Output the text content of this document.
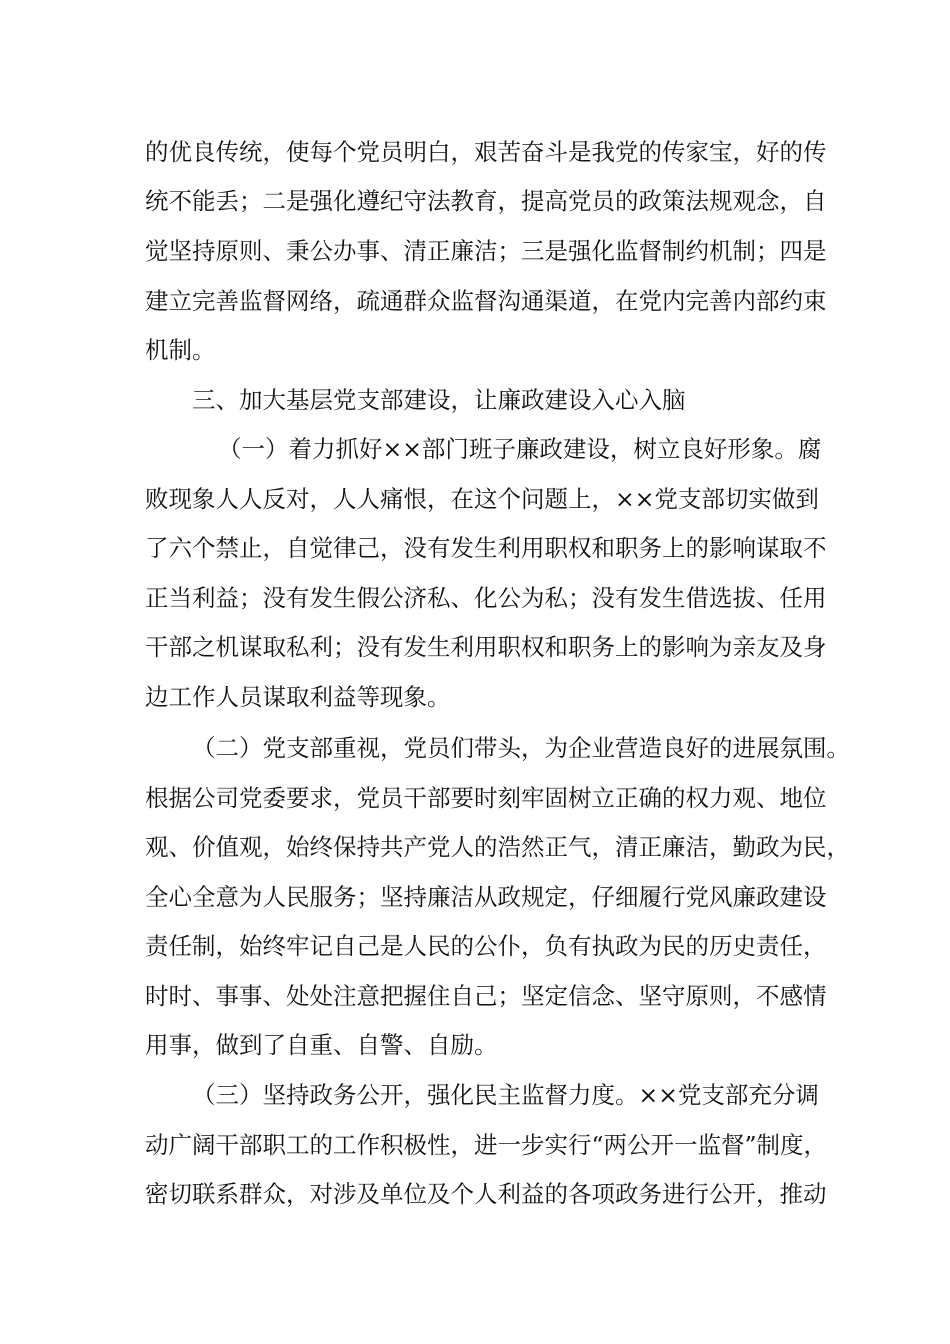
的优良传统，使每个党员明白，艰苦奋斗是我党的传家宝，好的传
统不能丢；二是强化遵纪守法教育，提高党员的政策法规观念，自
觉坚持原则、秉公办事、清正廉洁；三是强化监督制约机制；四是
建立完善监督网络，疏通群众监督沟通渠道，在党内完善内部约束
机制。
三、加大基层党支部建设，让廉政建设入心入脑
（一）着力抓好××部门班子廉政建设，树立良好形象。腐
败现象人人反对，人人痛恨，在这个问题上，××党支部切实做到
了六个禁止，自觉律己，没有发生利用职权和职务上的影响谋取不
正当利益；没有发生假公济私、化公为私；没有发生借选拔、任用
干部之机谋取私利；没有发生利用职权和职务上的影响为亲友及身
边工作人员谋取利益等现象。
（二）党支部重视，党员们带头，为企业营造良好的进展氛围。
根据公司党委要求，党员干部要时刻牢固树立正确的权力观、地位
观、价值观，始终保持共产党人的浩然正气，清正廉洁，勤政为民，
全心全意为人民服务；坚持廉洁从政规定，仔细履行党风廉政建设
责任制，始终牢记自己是人民的公仆，负有执政为民的历史责任，
时时、事事、处处注意把握住自己；坚定信念、坚守原则，不感情
用事，做到了自重、自警、自励。
（三）坚持政务公开，强化民主监督力度。××党支部充分调
动广阔干部职工的工作积极性，进一步实行“两公开一监督”制度，
密切联系群众，对涉及单位及个人利益的各项政务进行公开，推动
